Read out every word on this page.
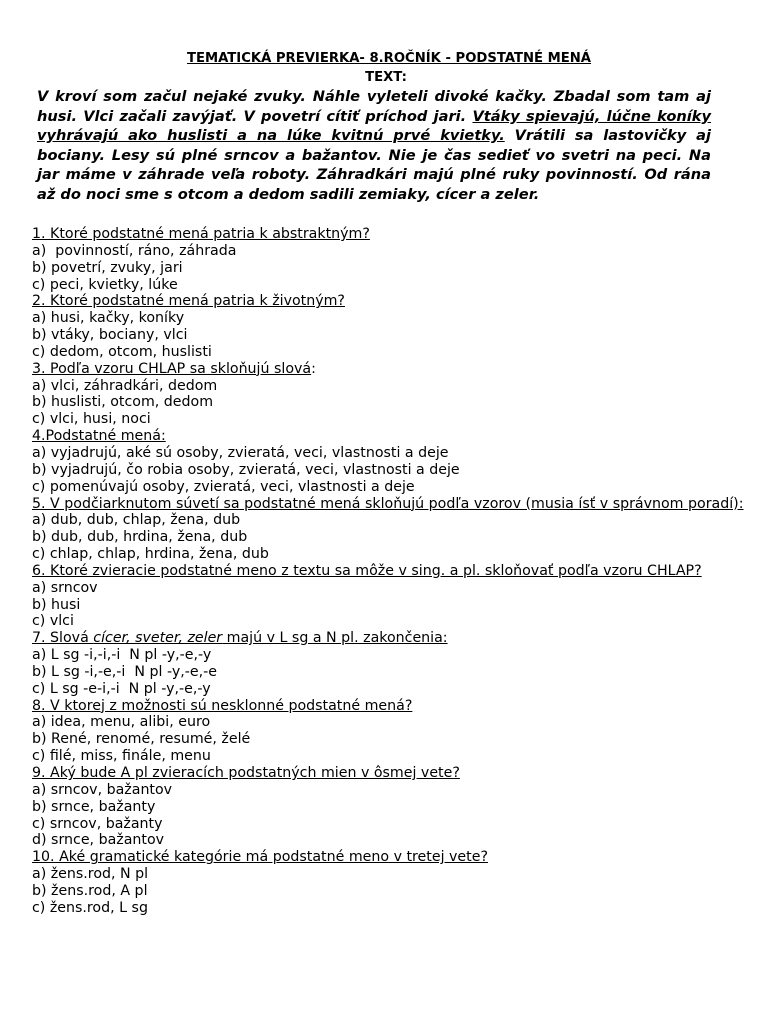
TEMATICKÁ PREVIERKA- 8.ROČNÍK - PODSTATNÉ MENÁ
TEXT:
V kroví som začul nejaké zvuky. Náhle vyleteli divoké kačky. Zbadal som tam aj husi. Vlci začali zavýjať. V povetrí cítiť príchod jari. Vtáky spievajú, lúčne koníky vyhrávajú ako huslisti a na lúke kvitnú prvé kvietky. Vrátili sa lastovičky aj bociany. Lesy sú plné srncov a bažantov. Nie je čas sedieť vo svetri na peci. Na jar máme v záhrade veľa roboty. Záhradkári majú plné ruky povinností. Od rána až do noci sme s otcom a dedom sadili zemiaky, cícer a zeler.
1. Ktoré podstatné mená patria k abstraktným?
a)  povinností, ráno, záhrada
b) povetrí, zvuky, jari
c) peci, kvietky, lúke
2. Ktoré podstatné mená patria k životným?
a) husi, kačky, koníky
b) vtáky, bociany, vlci
c) dedom, otcom, huslisti
3. Podľa vzoru CHLAP sa skloňujú slová:
a) vlci, záhradkári, dedom
b) huslisti, otcom, dedom
c) vlci, husi, noci
4.Podstatné mená:
a) vyjadrujú, aké sú osoby, zvieratá, veci, vlastnosti a deje
b) vyjadrujú, čo robia osoby, zvieratá, veci, vlastnosti a deje
c) pomenúvajú osoby, zvieratá, veci, vlastnosti a deje
5. V podčiarknutom súvetí sa podstatné mená skloňujú podľa vzorov (musia ísť v správnom poradí):
a) dub, dub, chlap, žena, dub
b) dub, dub, hrdina, žena, dub
c) chlap, chlap, hrdina, žena, dub
6. Ktoré zvieracie podstatné meno z textu sa môže v sing. a pl. skloňovať podľa vzoru CHLAP?
a) srncov
b) husi
c) vlci
7. Slová cícer, sveter, zeler majú v L sg a N pl. zakončenia:
a) L sg -i,-i,-i  N pl -y,-e,-y
b) L sg -i,-e,-i  N pl -y,-e,-e
c) L sg -e-i,-i  N pl -y,-e,-y
8. V ktorej z možnosti sú nesklonné podstatné mená?
a) idea, menu, alibi, euro
b) René, renomé, resumé, želé
c) filé, miss, finále, menu
9. Aký bude A pl zvieracích podstatných mien v ôsmej vete?
a) srncov, bažantov
b) srnce, bažanty
c) srncov, bažanty
d) srnce, bažantov
10. Aké gramatické kategórie má podstatné meno v tretej vete?
a) žens.rod, N pl
b) žens.rod, A pl
c) žens.rod, L sg
